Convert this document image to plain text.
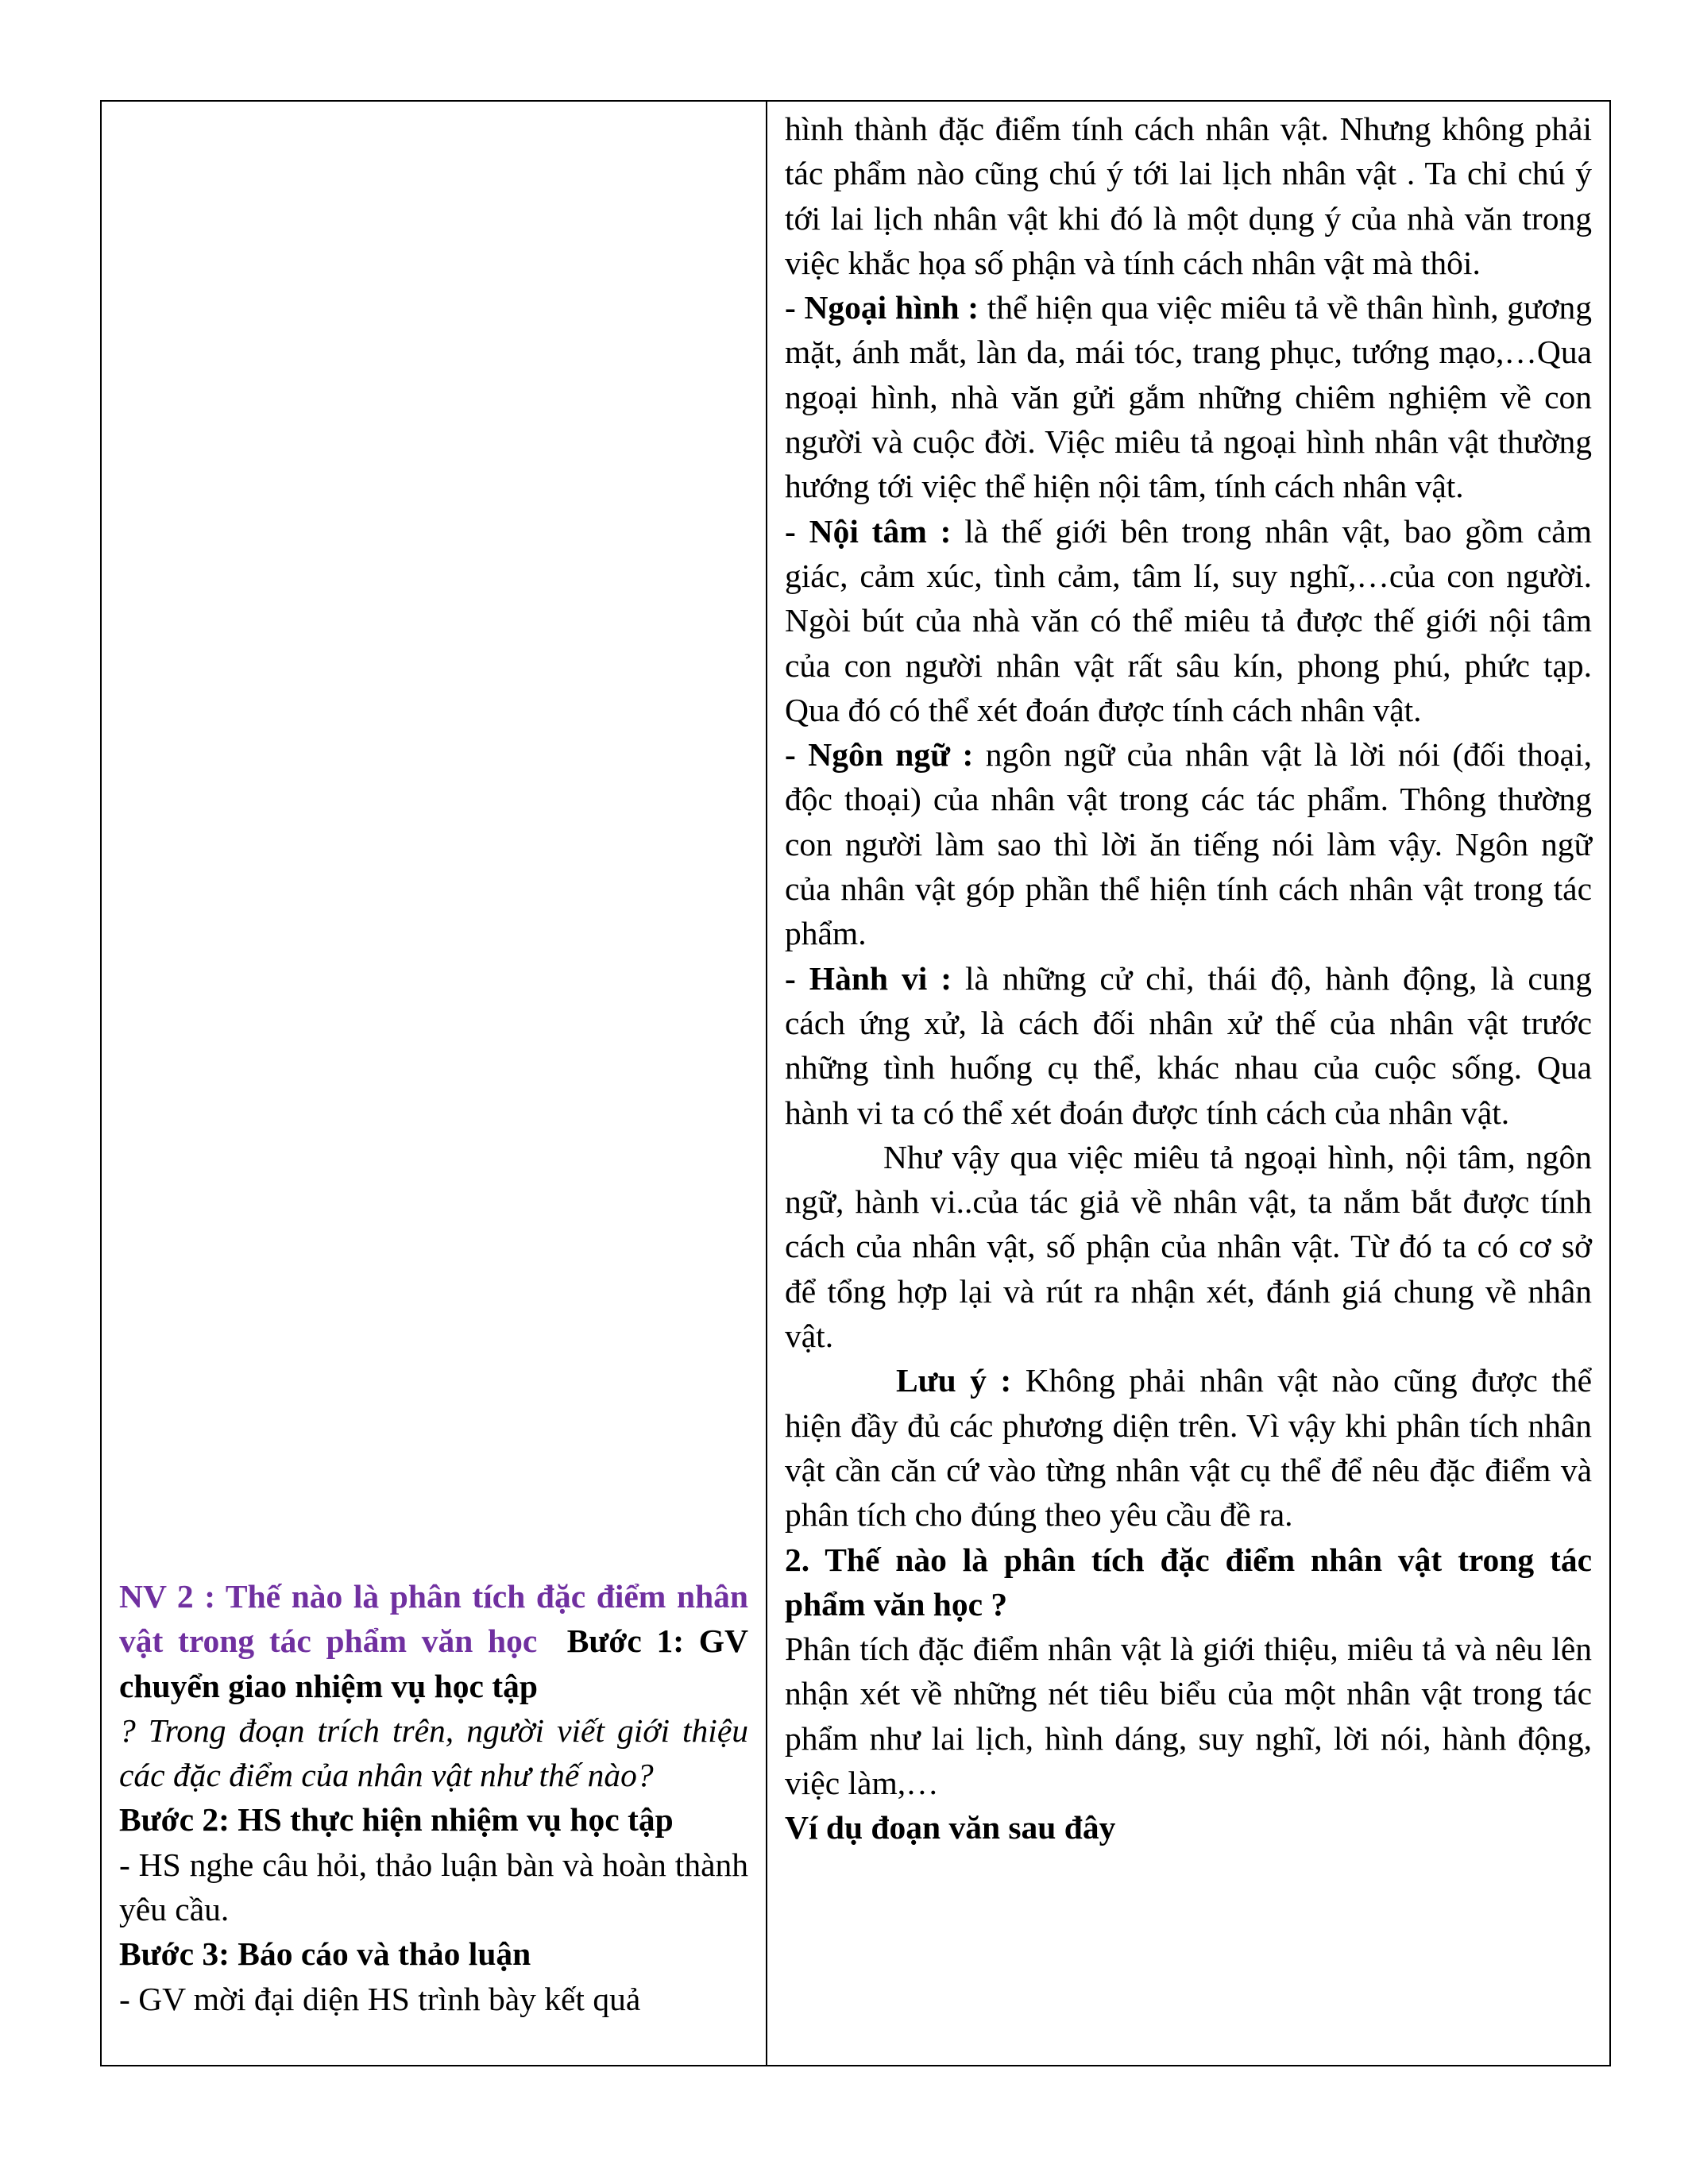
NV 2 : Thế nào là phân tích đặc điểm nhân vật trong tác phẩm văn học Bước 1: GV chuyển giao nhiệm vụ học tập

? Trong đoạn trích trên, người viết giới thiệu các đặc điểm của nhân vật như thế nào?

Bước 2: HS thực hiện nhiệm vụ học tập

- HS nghe câu hỏi, thảo luận bàn và hoàn thành yêu cầu.

Bước 3: Báo cáo và thảo luận

- GV mời đại diện HS trình bày kết quả

hình thành đặc điểm tính cách nhân vật. Nhưng không phải tác phẩm nào cũng chú ý tới lai lịch nhân vật . Ta chỉ chú ý tới lai lịch nhân vật khi đó là một dụng ý của nhà văn trong việc khắc họa số phận và tính cách nhân vật mà thôi.

- Ngoại hình : thể hiện qua việc miêu tả về thân hình, gương mặt, ánh mắt, làn da, mái tóc, trang phục, tướng mạo,…Qua ngoại hình, nhà văn gửi gắm những chiêm nghiệm về con người và cuộc đời. Việc miêu tả ngoại hình nhân vật thường hướng tới việc thể hiện nội tâm, tính cách nhân vật.

- Nội tâm : là thế giới bên trong nhân vật, bao gồm cảm giác, cảm xúc, tình cảm, tâm lí, suy nghĩ,…của con người. Ngòi bút của nhà văn có thể miêu tả được thế giới nội tâm của con người nhân vật rất sâu kín, phong phú, phức tạp. Qua đó có thể xét đoán được tính cách nhân vật.

- Ngôn ngữ : ngôn ngữ của nhân vật là lời nói (đối thoại, độc thoại) của nhân vật trong các tác phẩm. Thông thường con người làm sao thì lời ăn tiếng nói làm vậy. Ngôn ngữ của nhân vật góp phần thể hiện tính cách nhân vật trong tác phẩm.

- Hành vi : là những cử chỉ, thái độ, hành động, là cung cách ứng xử, là cách đối nhân xử thế của nhân vật trước những tình huống cụ thể, khác nhau của cuộc sống. Qua hành vi ta có thể xét đoán được tính cách của nhân vật.

Như vậy qua việc miêu tả ngoại hình, nội tâm, ngôn ngữ, hành vi..của tác giả về nhân vật, ta nắm bắt được tính cách của nhân vật, số phận của nhân vật. Từ đó ta có cơ sở để tổng hợp lại và rút ra nhận xét, đánh giá chung về nhân vật.

Lưu ý : Không phải nhân vật nào cũng được thể hiện đầy đủ các phương diện trên. Vì vậy khi phân tích nhân vật cần căn cứ vào từng nhân vật cụ thể để nêu đặc điểm và phân tích cho đúng theo yêu cầu đề ra.

2. Thế nào là phân tích đặc điểm nhân vật trong tác phẩm văn học ?

Phân tích đặc điểm nhân vật là giới thiệu, miêu tả và nêu lên nhận xét về những nét tiêu biểu của một nhân vật trong tác phẩm như lai lịch, hình dáng, suy nghĩ, lời nói, hành động, việc làm,…

Ví dụ đoạn văn sau đây
